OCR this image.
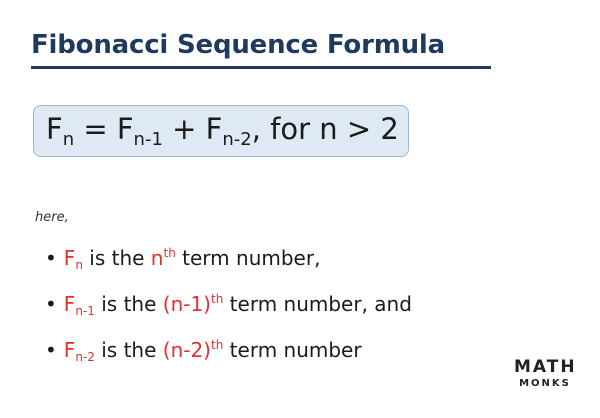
Fibonacci Sequence Formula
$F_n = F_{n-1} + F_{n-2}$, for n > 2
here,
• $F_n$ is the $n^{th}$ term number,
• $F_{n-1}$ is the $(n-1)^{th}$ term number, and
• $F_{n-2}$ is the $(n-2)^{th}$ term number
MATH
MONKS
